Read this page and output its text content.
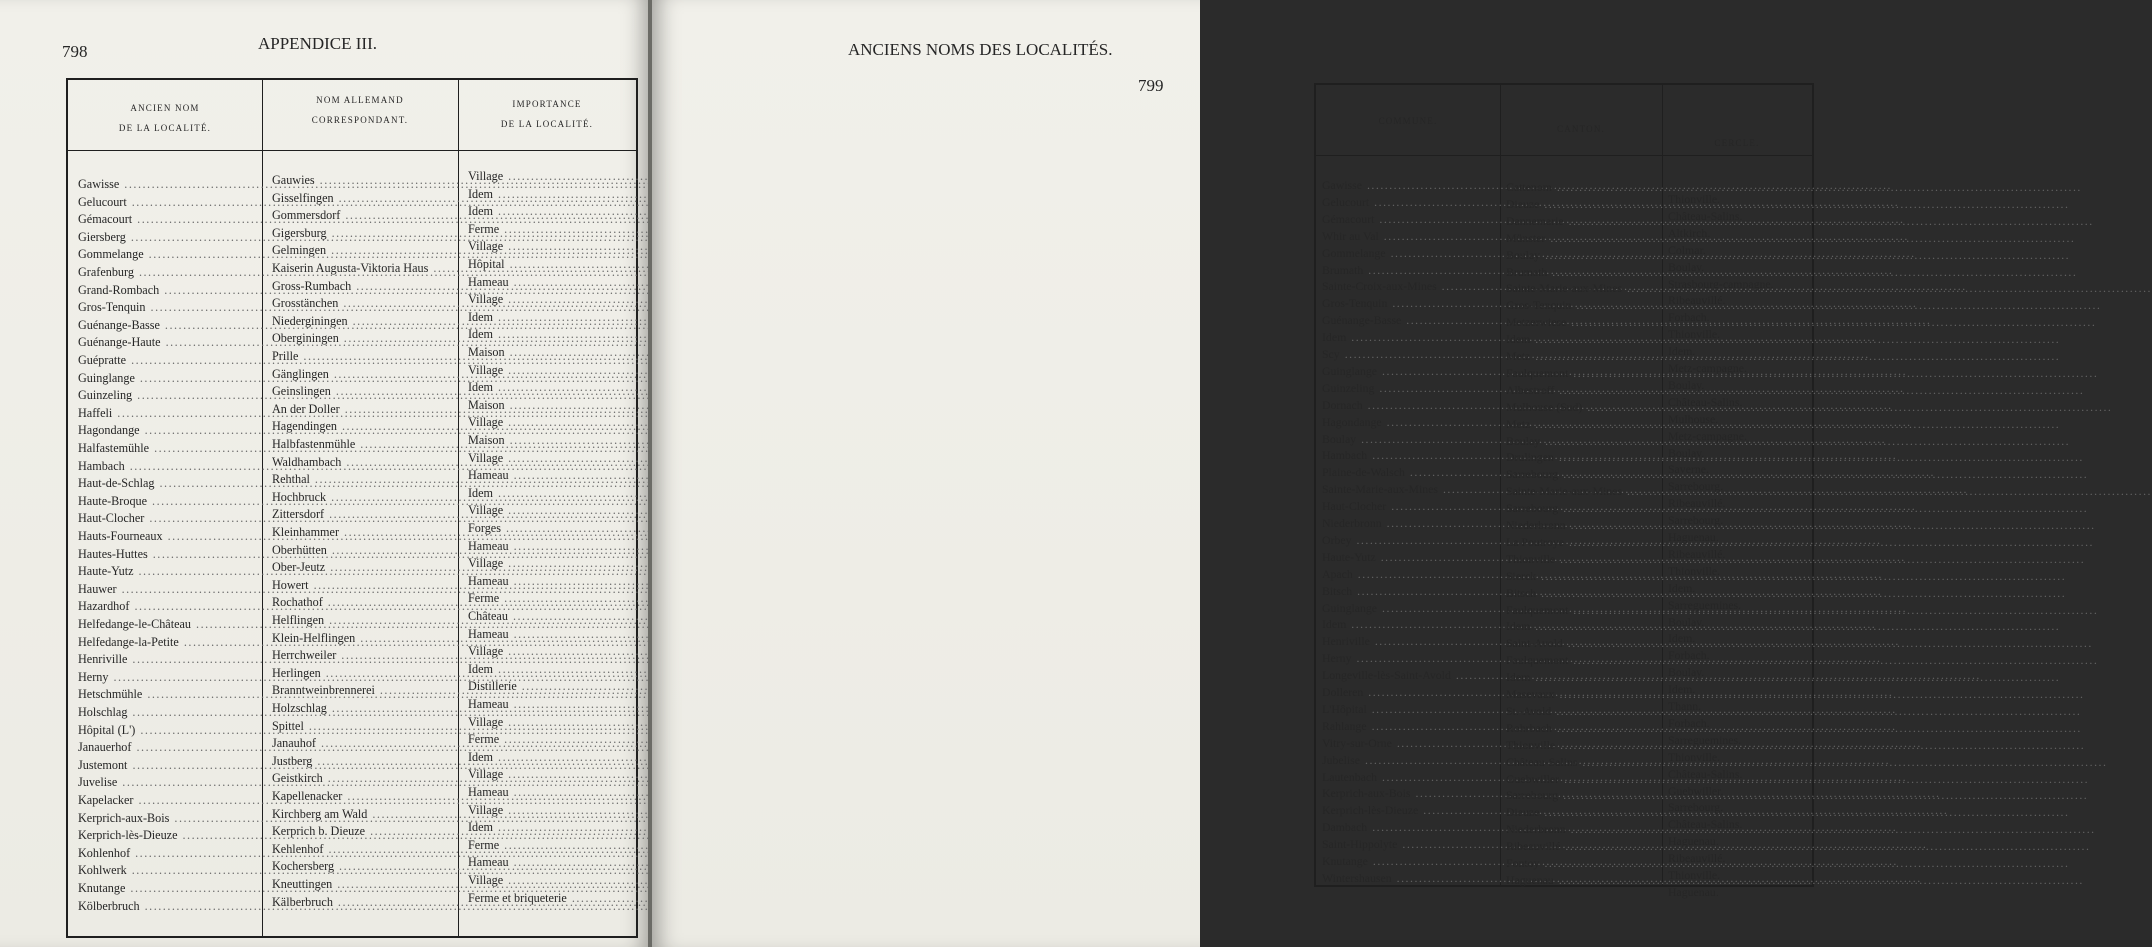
798	APPENDICE III.
ANCIEN NOM
DE LA LOCALITÉ.
NOM ALLEMAND
CORRESPONDANT.
IMPORTANCE
DE LA LOCALITÉ.
Gawisse .....
Gelucourt .....
Gémacourt .....
Giersberg .....
Gommelange .....
Grafenburg .....
Grand-Rombach .....
Gros-Tenquin .....
Guénange-Basse .....
Guénange-Haute .....
Guépratte .....
Guinglange .....
Guinzeling .....
Haffeli .....
Hagondange .....
Halfastemühle .....
Hambach .....
Haut-de-Schlag .....
Haute-Broque .....
Haut-Clocher .....
Hauts-Fourneaux .....
Hautes-Huttes .....
Haute-Yutz .....
Hauwer .....
Hazardhof .....
Helfedange-le-Château .....
Helfedange-la-Petite .....
Henriville .....
Herny .....
Hetschmühle .....
Holschlag .....
Hôpital (L') .....
Janauerhof .....
Justemont .....
Juvelise .....
Kapelacker .....
Kerprich-aux-Bois .....
Kerprich-lès-Dieuze .....
Kohlenhof .....
Kohlwerk .....
Knutange .....
Kölberbruch .....
Gauwies .....
Gisselfingen .....
Gommersdorf .....
Gigersburg .....
Gelmingen .....
Kaiserin Augusta-Viktoria Haus .....
Gross-Rumbach .....
Grosstänchen .....
Niederginingen .....
Oberginingen .....
Prille .....
Gänglingen .....
Geinslingen .....
An der Doller .....
Hagendingen .....
Halbfastenmühle .....
Waldhambach .....
Rehthal .....
Hochbruck .....
Zittersdorf .....
Kleinhammer .....
Oberhütten .....
Ober-Jeutz .....
Howert .....
Rochathof .....
Helflingen .....
Klein-Helflingen .....
Herrchweiler .....
Herlingen .....
Branntweinbrennerei .....
Holzschlag .....
Spittel .....
Janauhof .....
Justberg .....
Geistkirch .....
Kapellenacker .....
Kirchberg am Wald .....
Kerprich b. Dieuze .....
Kehlenhof .....
Kochersberg .....
Kneuttingen .....
Kälberbruch .....
Village .....
Idem .....
Idem .....
Ferme .....
Village .....
Hôpital .....
Hameau .....
Village .....
Idem .....
Idem .....
Maison .....
Village .....
Idem .....
Maison .....
Village .....
Maison .....
Village .....
Hameau .....
Idem .....
Village .....
Forges .....
Hameau .....
Village .....
Hameau .....
Ferme .....
Château .....
Hameau .....
Village .....
Idem .....
Distillerie .....
Hameau .....
Village .....
Ferme .....
Idem .....
Village .....
Hameau .....
Village .....
Idem .....
Ferme .....
Hameau .....
Village .....
Ferme et briqueterie .....
ANCIENS NOMS DES LOCALITÉS.
799
COMMUNE.
CANTON.
CERCLE.
Gawisse .....
Gelucourt .....
Gémacourt .....
Whir au Val .....
Gommelange .....
Brumath .....
Sainte-Croix-aux-Mines .....
Gros-Tenquin .....
Guénange-Basse .....
Idem .....
Scy .....
Guinglange .....
Guinzeling .....
Dornach .....
Hagondange .....
Boulay .....
Hambach .....
Plaine-de-Walsch .....
Sainte-Marie-aux-Mines .....
Haut-Clocher .....
Niederbronn .....
Orbey .....
Haute-Yutz .....
Apach .....
Bitsch .....
Guinglange .....
Idem .....
Henriville .....
Herny .....
Longeville-lès-Saint-Avold .....
Dolleren .....
L'Hôpital .....
Rahlange .....
Vitry-sur-Orne .....
Jubelise .....
Lautenbach .....
Kerprich-aux-Bois .....
Kerprich-lès-Dieuze .....
Dambach .....
Saint-Hippolyte .....
Knutange .....
Wintershausen .....
Cattenom .....
Dieuze .....
Dannemarie .....
Münster .....
Boulay .....
Brumath .....
Sainte-Marie-aux-Mines .....
Gros-Tenquin .....
Metzerwiese .....
Idem .....
Metz .....
Faulquemont .....
Albestroff .....
Mulhouse (Sud) .....
Metz .....
Boulay .....
Drulingen .....
Sarrebourg .....
Sainte-Marie-aux-Mines .....
Sarrebourg .....
Niederbronn .....
La Poutroye .....
Thionville .....
Sierck .....
Bitsch .....
Faulquemont .....
Idem .....
Saint-Avold .....
Faulquemont .....
Idem .....
Masevaux .....
St.-Avold .....
Rohrbach .....
Thionville .....
Château-Salins .....
Guebwiller .....
Sarrebourg .....
Dieuze .....
Niederbronn .....
Ribeauvillé .....
Fontoy .....
Haguenau .....
Thionville.
Château-Salins.
Altkirch.
Colmar.
Boulay.
Strasbourg-campagne.
Ribeauvillé.
Forbach.
Thionville.
Idem.
Metz-campagne.
Boulay.
Château-Salins.
Mulhouse.
Metz-campagne.
Boulay.
Saverne.
Sarrebourg.
Ribeauvillé.
Sarrebourg.
Haguenau.
Ribeauvillé.
Thionville.
Idem.
Sarreguemines.
Boulay.
Idem.
Forbach.
Boulay.
Idem.
Thann.
Forbach.
Sarreguemines.
Thionville.
Château-Salins.
Guebwiller.
Sarrebourg.
Château-Salins.
Haguenau.
Ribeauvillé.
Thionville.
Haguenau.
